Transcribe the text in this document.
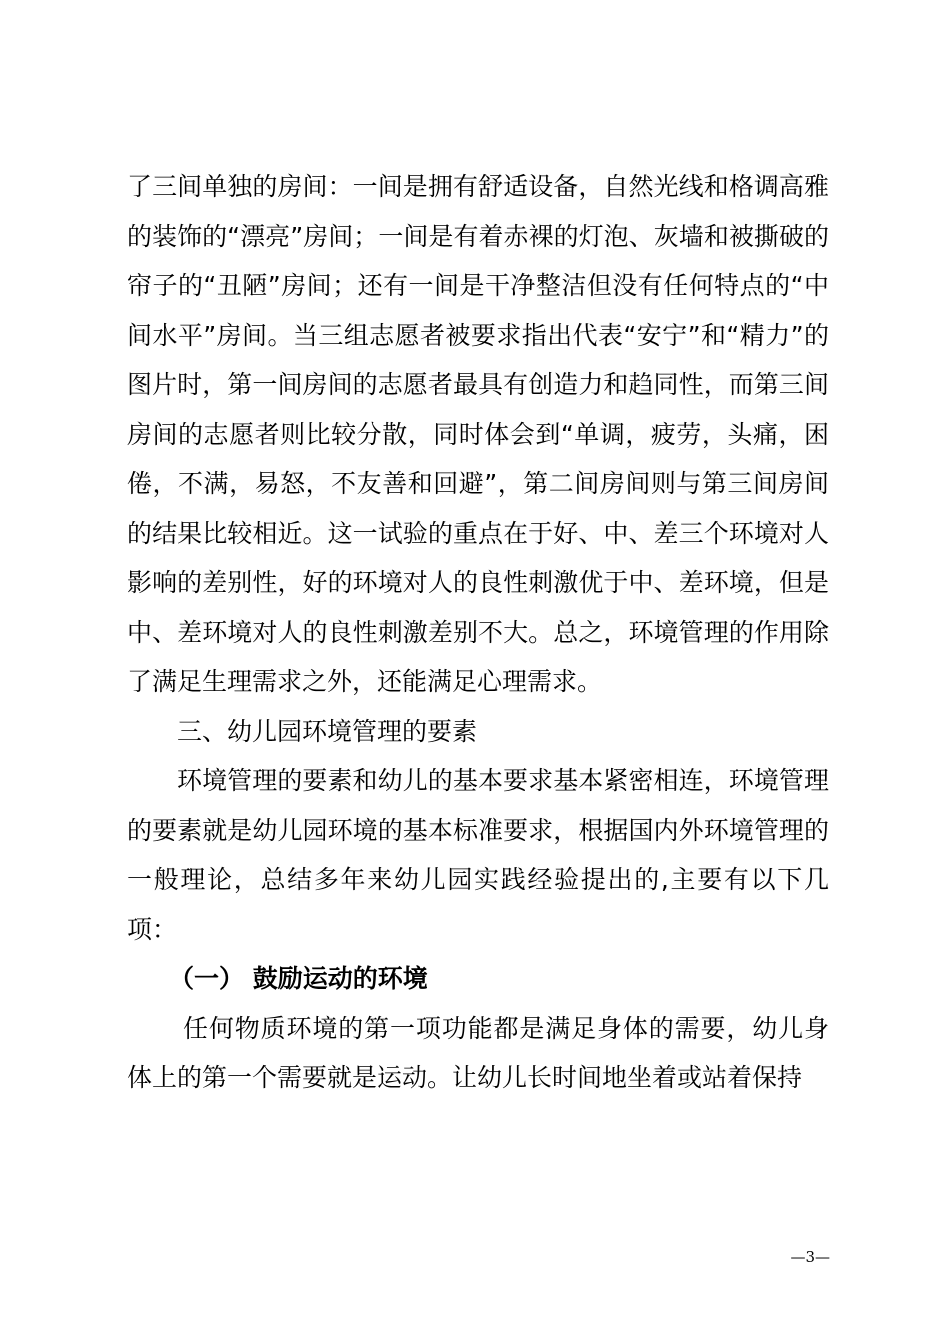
了三间单独的房间：一间是拥有舒适设备，自然光线和格调高雅的装饰的“漂亮”房间；一间是有着赤裸的灯泡、灰墙和被撕破的帘子的“丑陋”房间；还有一间是干净整洁但没有任何特点的“中间水平”房间。当三组志愿者被要求指出代表“安宁”和“精力”的图片时，第一间房间的志愿者最具有创造力和趋同性，而第三间房间的志愿者则比较分散，同时体会到“单调，疲劳，头痛，困倦，不满，易怒，不友善和回避”，第二间房间则与第三间房间的结果比较相近。这一试验的重点在于好、中、差三个环境对人影响的差别性，好的环境对人的良性刺激优于中、差环境，但是中、差环境对人的良性刺激差别不大。总之，环境管理的作用除了满足生理需求之外，还能满足心理需求。

三、幼儿园环境管理的要素

环境管理的要素和幼儿的基本要求基本紧密相连，环境管理的要素就是幼儿园环境的基本标准要求，根据国内外环境管理的一般理论，总结多年来幼儿园实践经验提出的,主要有以下几项：

（一） 鼓励运动的环境

任何物质环境的第一项功能都是满足身体的需要，幼儿身体上的第一个需要就是运动。让幼儿长时间地坐着或站着保持

—3—
